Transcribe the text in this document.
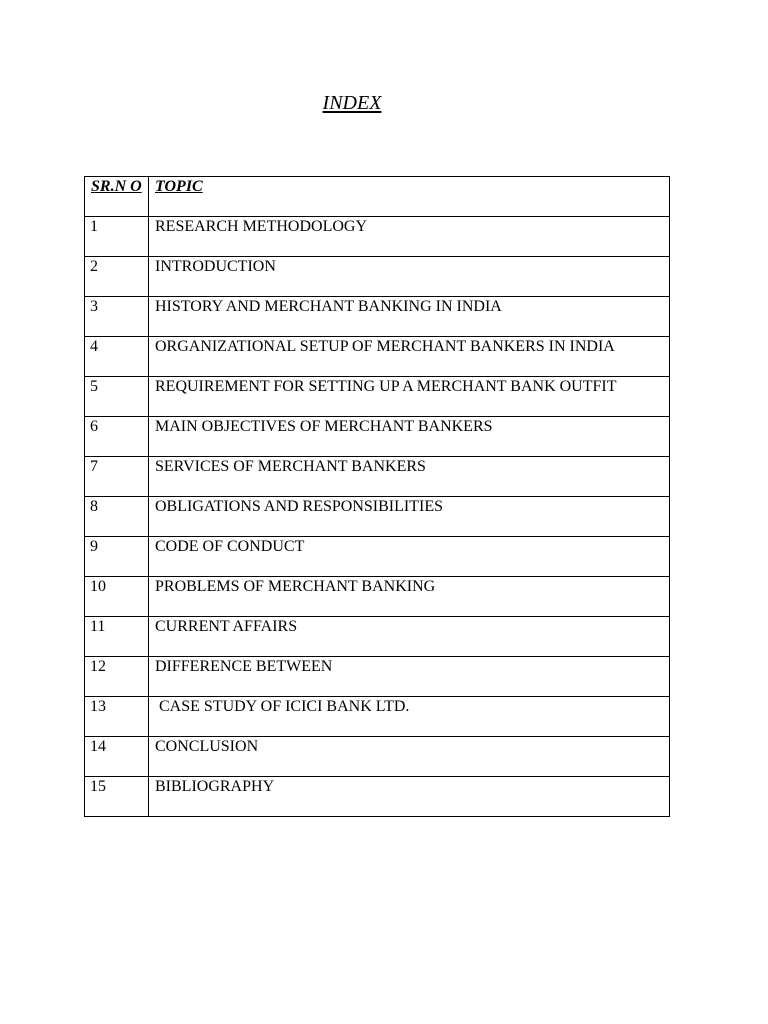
INDEX
SR.N O	TOPIC
1	RESEARCH METHODOLOGY
2	INTRODUCTION
3	HISTORY AND MERCHANT BANKING IN INDIA
4	ORGANIZATIONAL SETUP OF MERCHANT BANKERS IN INDIA
5	REQUIREMENT FOR SETTING UP A MERCHANT BANK OUTFIT
6	MAIN OBJECTIVES OF MERCHANT BANKERS
7	SERVICES OF MERCHANT BANKERS
8	OBLIGATIONS AND RESPONSIBILITIES
9	CODE OF CONDUCT
10	PROBLEMS OF MERCHANT BANKING
11	CURRENT AFFAIRS
12	DIFFERENCE BETWEEN
13	CASE STUDY OF ICICI BANK LTD.
14	CONCLUSION
15	BIBLIOGRAPHY
